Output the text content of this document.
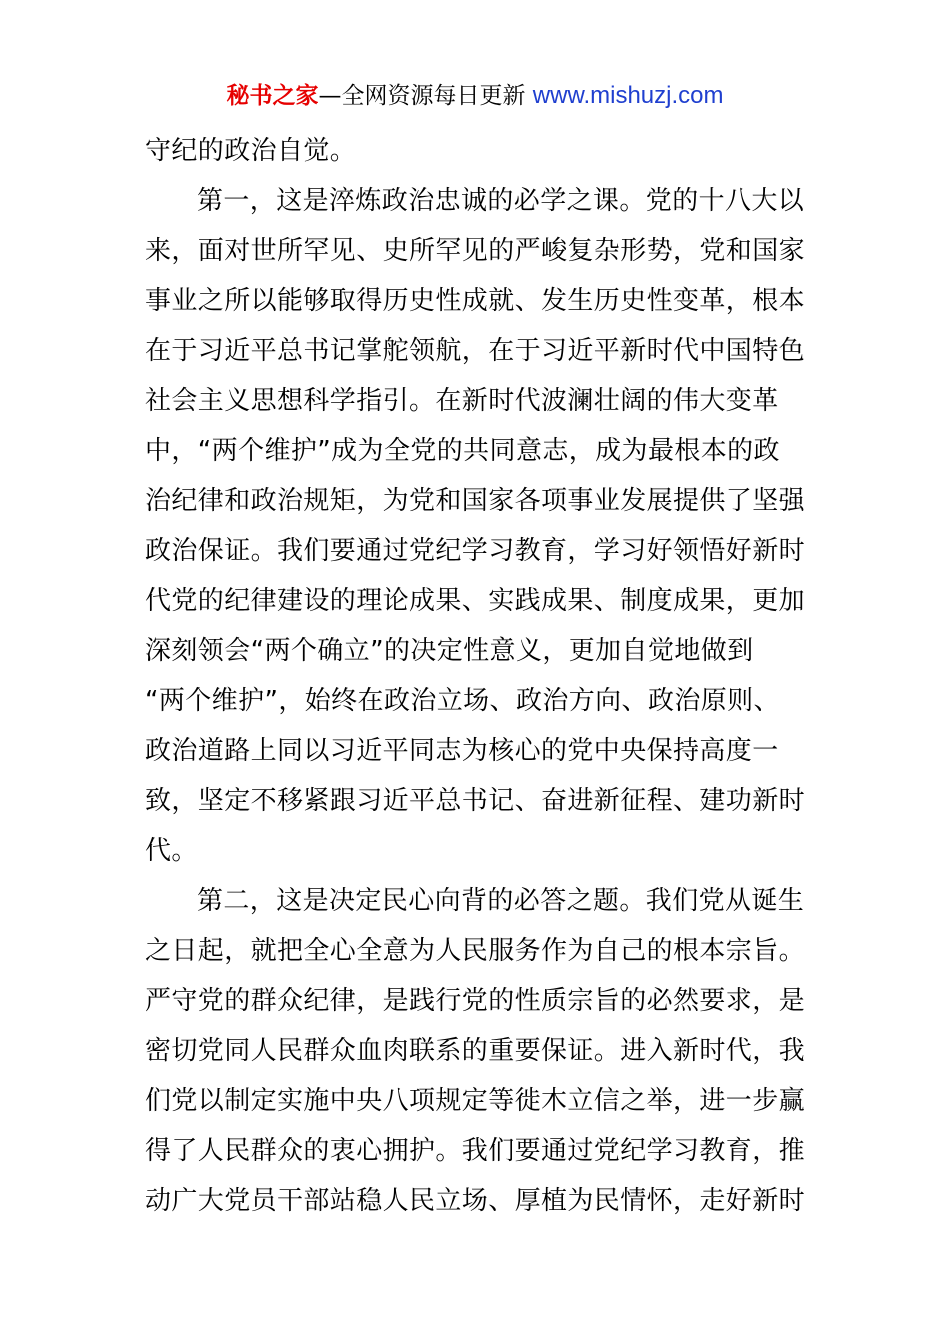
秘书之家—全网资源每日更新 www.mishuzj.com
守纪的政治自觉。
第一，这是淬炼政治忠诚的必学之课。党的十八大以
来，面对世所罕见、史所罕见的严峻复杂形势，党和国家
事业之所以能够取得历史性成就、发生历史性变革，根本
在于习近平总书记掌舵领航，在于习近平新时代中国特色
社会主义思想科学指引。在新时代波澜壮阔的伟大变革
中，“两个维护”成为全党的共同意志，成为最根本的政
治纪律和政治规矩，为党和国家各项事业发展提供了坚强
政治保证。我们要通过党纪学习教育，学习好领悟好新时
代党的纪律建设的理论成果、实践成果、制度成果，更加
深刻领会“两个确立”的决定性意义，更加自觉地做到
“两个维护”，始终在政治立场、政治方向、政治原则、
政治道路上同以习近平同志为核心的党中央保持高度一
致，坚定不移紧跟习近平总书记、奋进新征程、建功新时
代。
第二，这是决定民心向背的必答之题。我们党从诞生
之日起，就把全心全意为人民服务作为自己的根本宗旨。
严守党的群众纪律，是践行党的性质宗旨的必然要求，是
密切党同人民群众血肉联系的重要保证。进入新时代，我
们党以制定实施中央八项规定等徙木立信之举，进一步赢
得了人民群众的衷心拥护。我们要通过党纪学习教育，推
动广大党员干部站稳人民立场、厚植为民情怀，走好新时
